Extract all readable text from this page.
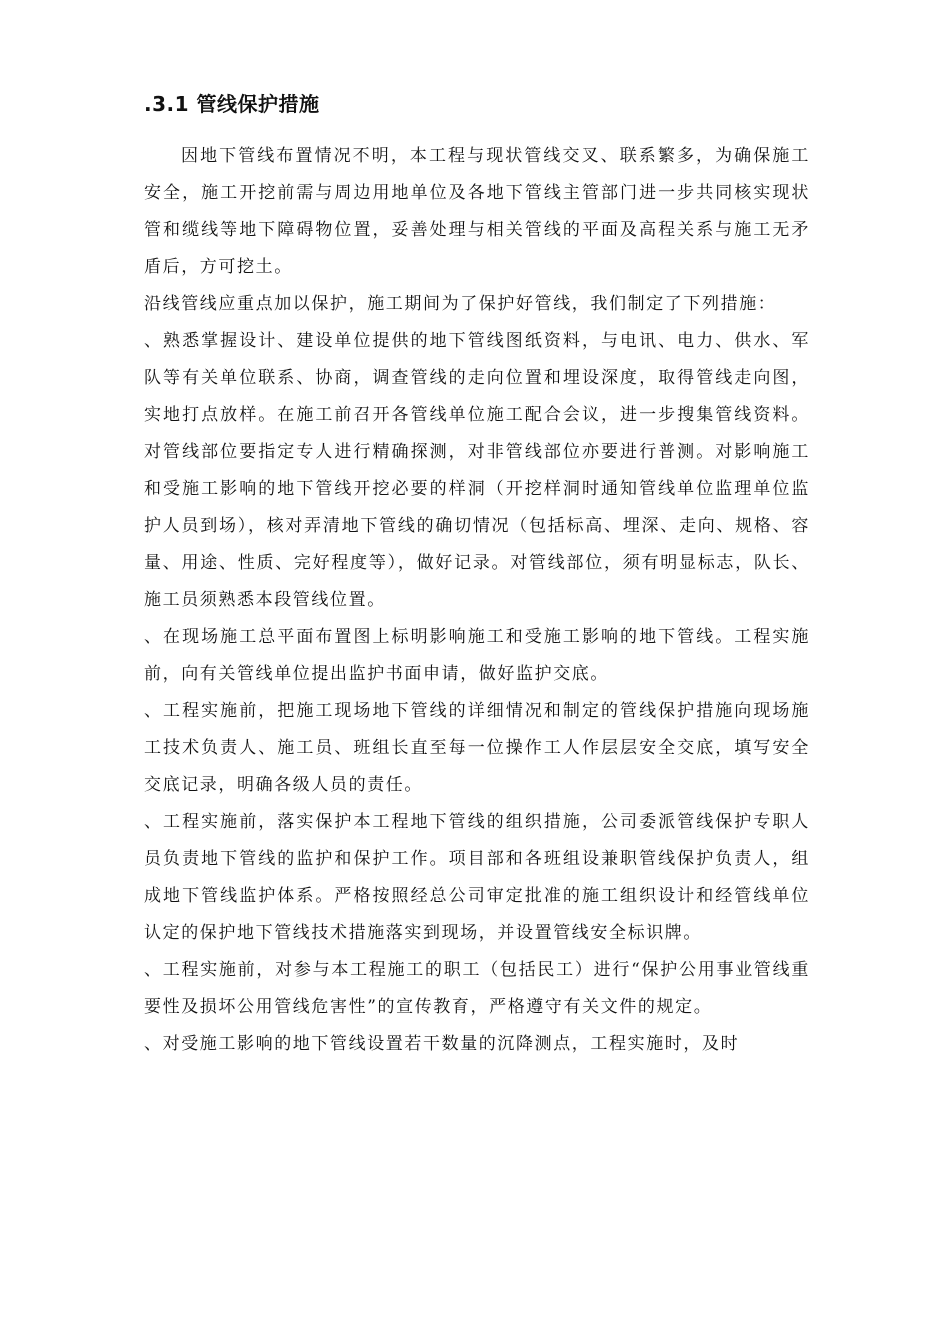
.3.1 管线保护措施

因地下管线布置情况不明，本工程与现状管线交叉、联系繁多，为确保施工安全，施工开挖前需与周边用地单位及各地下管线主管部门进一步共同核实现状管和缆线等地下障碍物位置，妥善处理与相关管线的平面及高程关系与施工无矛盾后，方可挖土。

沿线管线应重点加以保护，施工期间为了保护好管线，我们制定了下列措施：

、熟悉掌握设计、建设单位提供的地下管线图纸资料，与电讯、电力、供水、军队等有关单位联系、协商，调查管线的走向位置和埋设深度，取得管线走向图，实地打点放样。在施工前召开各管线单位施工配合会议，进一步搜集管线资料。对管线部位要指定专人进行精确探测，对非管线部位亦要进行普测。对影响施工和受施工影响的地下管线开挖必要的样洞（开挖样洞时通知管线单位监理单位监护人员到场），核对弄清地下管线的确切情况（包括标高、埋深、走向、规格、容量、用途、性质、完好程度等），做好记录。对管线部位，须有明显标志，队长、施工员须熟悉本段管线位置。

、在现场施工总平面布置图上标明影响施工和受施工影响的地下管线。工程实施前，向有关管线单位提出监护书面申请，做好监护交底。

、工程实施前，把施工现场地下管线的详细情况和制定的管线保护措施向现场施工技术负责人、施工员、班组长直至每一位操作工人作层层安全交底，填写安全交底记录，明确各级人员的责任。

、工程实施前，落实保护本工程地下管线的组织措施，公司委派管线保护专职人员负责地下管线的监护和保护工作。项目部和各班组设兼职管线保护负责人，组成地下管线监护体系。严格按照经总公司审定批准的施工组织设计和经管线单位认定的保护地下管线技术措施落实到现场，并设置管线安全标识牌。

、工程实施前，对参与本工程施工的职工（包括民工）进行“保护公用事业管线重要性及损坏公用管线危害性”的宣传教育，严格遵守有关文件的规定。

、对受施工影响的地下管线设置若干数量的沉降测点，工程实施时，及时
